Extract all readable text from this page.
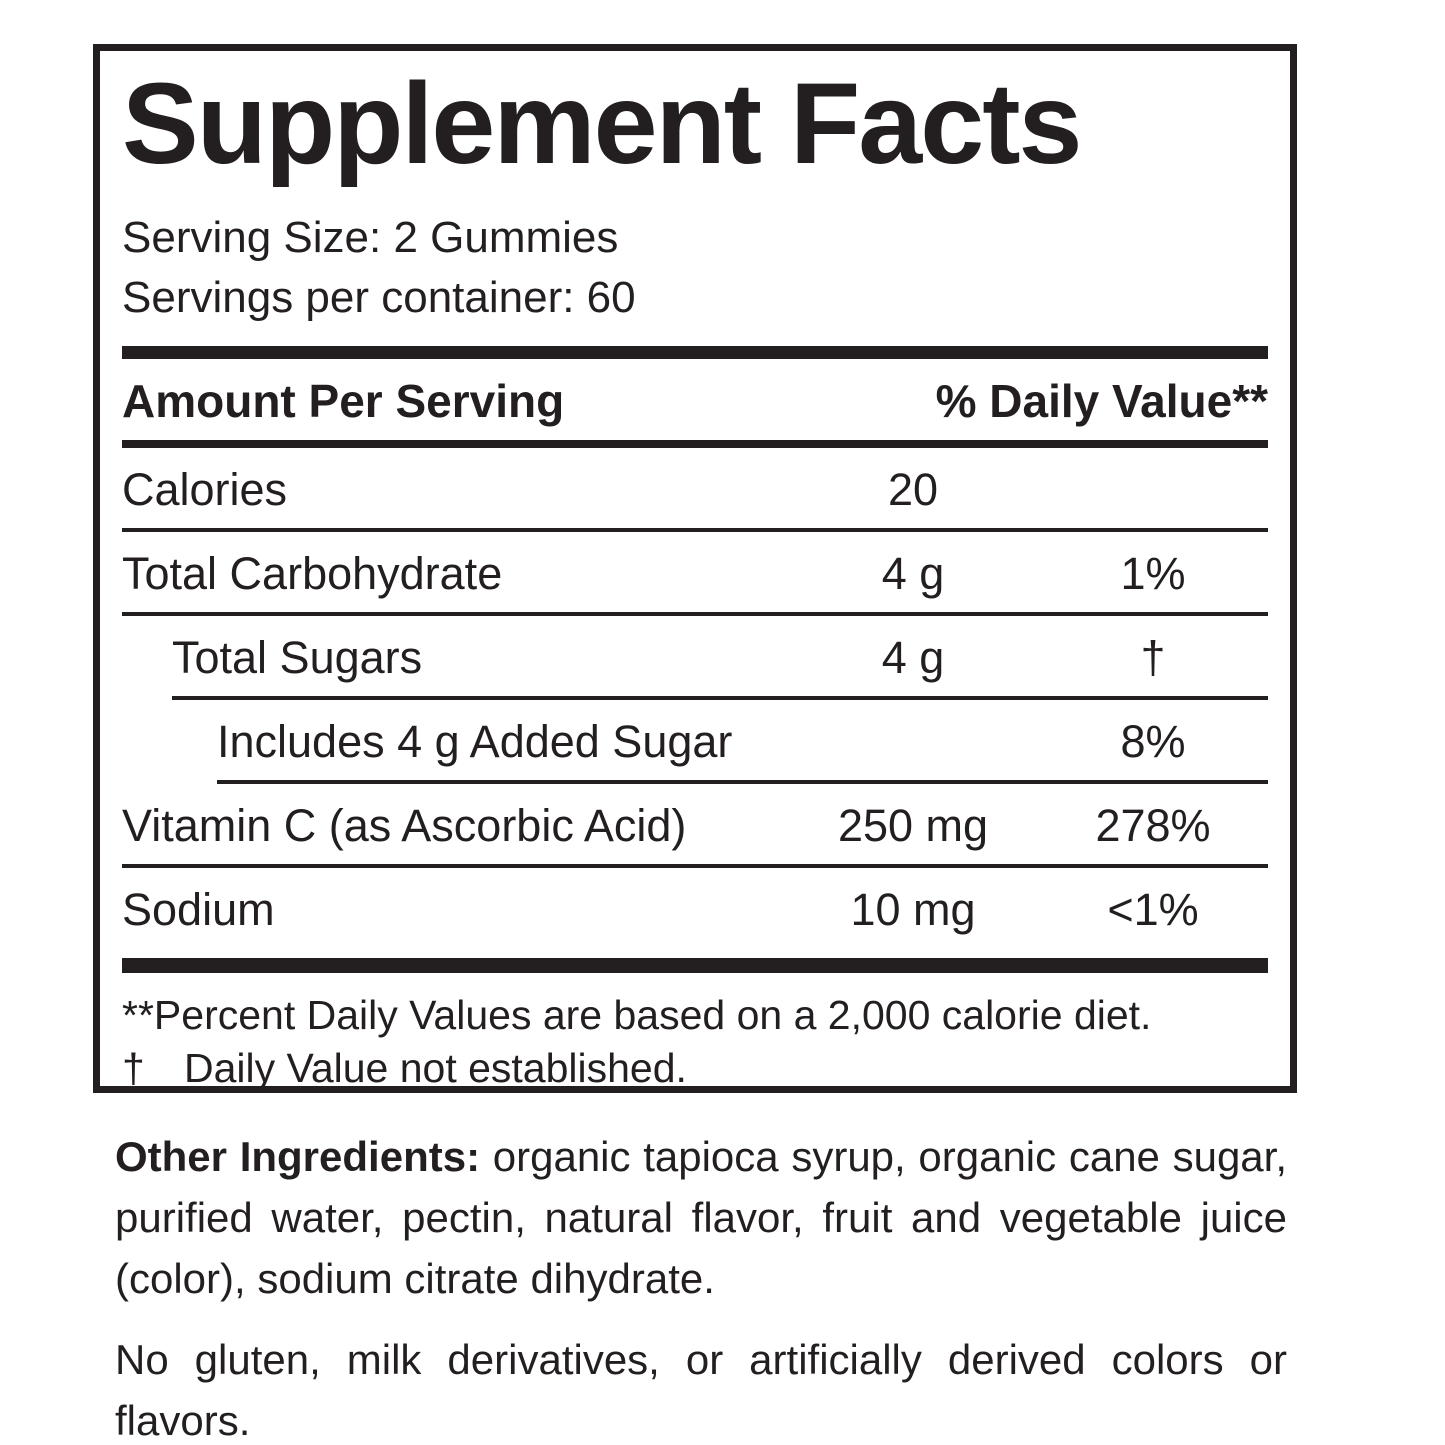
Supplement Facts

Serving Size: 2 Gummies

Servings per container: 60

Amount Per Serving	% Daily Value**
Calories	20
Total Carbohydrate	4 g	1%
Total Sugars	4 g	†
Includes 4 g Added Sugar	8%
Vitamin C (as Ascorbic Acid)	250 mg	278%
Sodium	10 mg	<1%
** Percent Daily Values are based on a 2,000 calorie diet.
† Daily Value not established.

Other Ingredients: organic tapioca syrup, organic cane sugar, purified water, pectin, natural flavor, fruit and vegetable juice (color), sodium citrate dihydrate.

No gluten, milk derivatives, or artificially derived colors or flavors.
